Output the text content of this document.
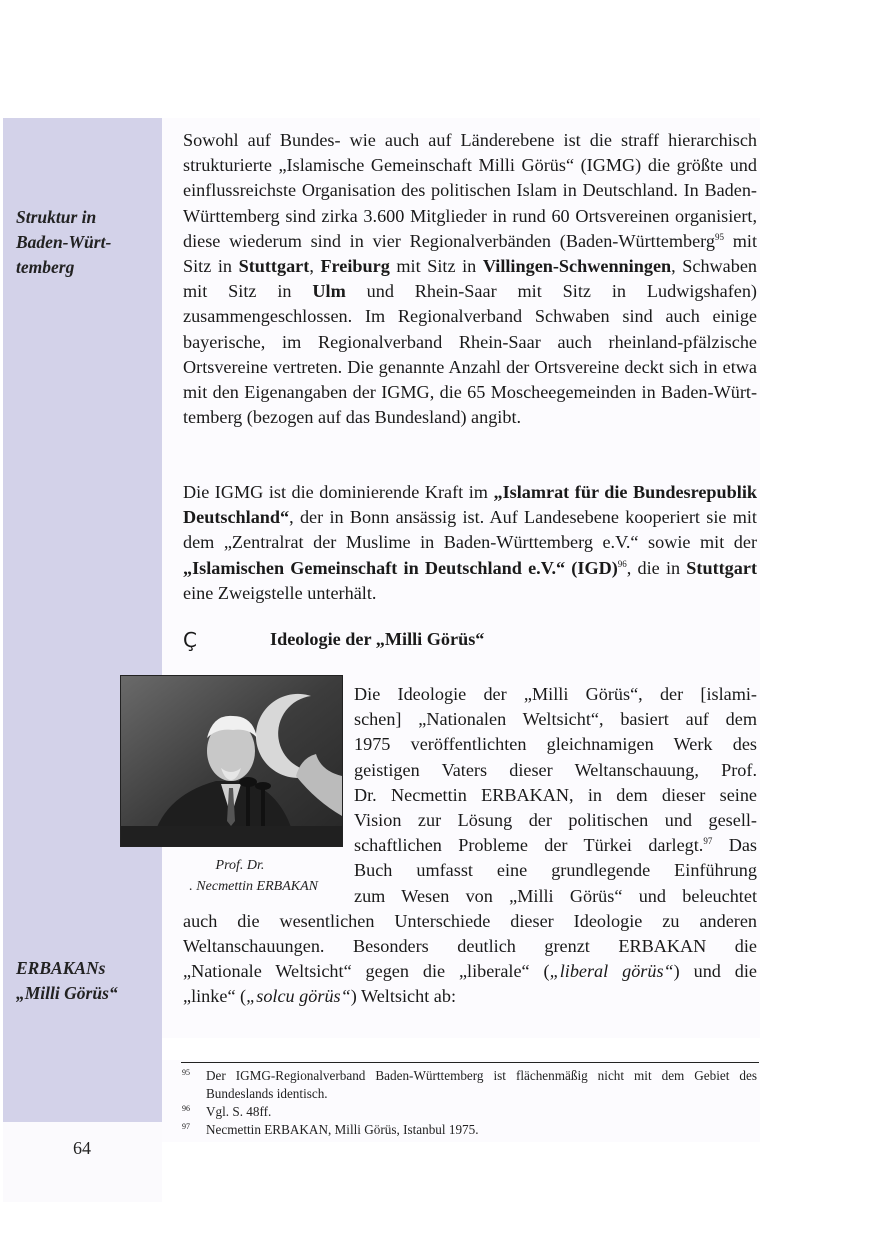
Struktur in
Baden-Würt-
temberg
ERBAKANs
„Milli Görüs“

Sowohl auf Bundes- wie auch auf Länderebene ist die straff hierarchisch strukturierte „Islamische Gemeinschaft Milli Görüs“ (IGMG) die größte und einflussreichste Organisation des politischen Islam in Deutschland. In Baden-Württemberg sind zirka 3.600 Mitglieder in rund 60 Ortsvereinen organisiert, diese wiederum sind in vier Regionalverbänden (Baden-Württemberg$^{95}$ mit Sitz in Stuttgart, Freiburg mit Sitz in Villingen-Schwenningen, Schwaben mit Sitz in Ulm und Rhein-Saar mit Sitz in Ludwigshafen) zusammengeschlossen. Im Regionalverband Schwaben sind auch einige bayerische, im Regionalverband Rhein-Saar auch rheinland-pfälzische Ortsvereine vertreten. Die genannte Anzahl der Ortsvereine deckt sich in etwa mit den Eigenangaben der IGMG, die 65 Moscheegemeinden in Baden-Württemberg (bezogen auf das Bundesland) angibt.

Die IGMG ist die dominierende Kraft im „Islamrat für die Bundesrepublik Deutschland“, der in Bonn ansässig ist. Auf Landesebene kooperiert sie mit dem „Zentralrat der Muslime in Baden-Württemberg e.V.“ sowie mit der „Islamischen Gemeinschaft in Deutschland e.V.“ (IGD)$^{96}$, die in Stuttgart eine Zweigstelle unterhält.

Ç	Ideologie der „Milli Görüs“
Prof. Dr.
. Necmettin ERBAKAN
Die Ideologie der „Milli Görüs“, der [islami-
schen] „Nationalen Weltsicht“, basiert auf dem
1975 veröffentlichten gleichnamigen Werk des
geistigen Vaters dieser Weltanschauung, Prof.
Dr. Necmettin ERBAKAN, in dem dieser seine
Vision zur Lösung der politischen und gesell-
schaftlichen Probleme der Türkei darlegt.$^{97}$ Das
Buch umfasst eine grundlegende Einführung
zum Wesen von „Milli Görüs“ und beleuchtet
auch die wesentlichen Unterschiede dieser Ideologie zu anderen
Weltanschauungen. Besonders deutlich grenzt ERBAKAN die
„Nationale Weltsicht“ gegen die „liberale“ („liberal görüs“) und die
„linke“ („solcu görüs“) Weltsicht ab:
95 Der IGMG-Regionalverband Baden-Württemberg ist flächenmäßig nicht mit dem Gebiet des Bundeslands identisch.
96 Vgl. S. 48ff.
97 Necmettin ERBAKAN, Milli Görüs, Istanbul 1975.
64
